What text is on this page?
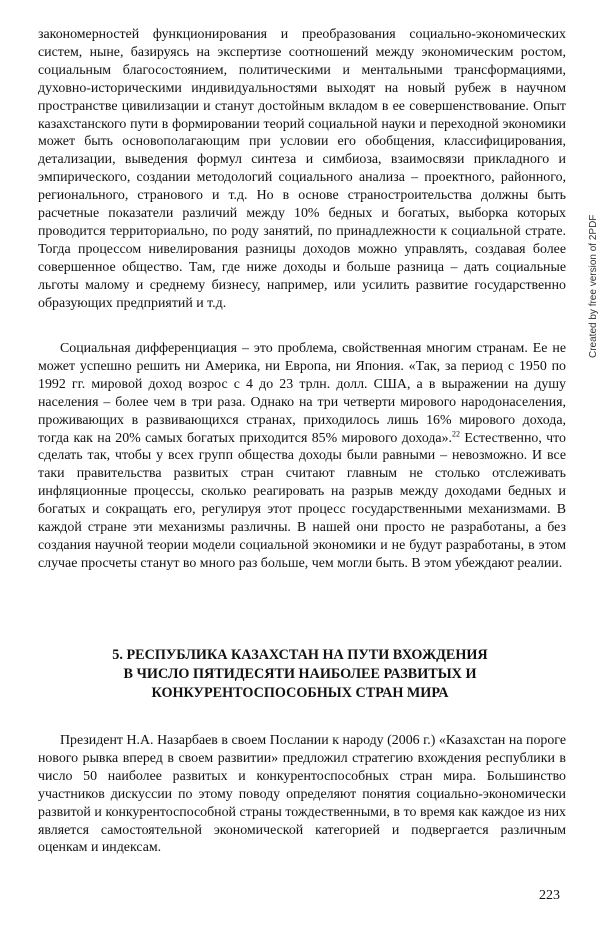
закономерностей функционирования и преобразования социально-экономических систем, ныне, базируясь на экспертизе соотношений между экономическим ростом, социальным благосостоянием, политическими и ментальными трансформациями, духовно-историческими индивидуальностями выходят на новый рубеж в научном пространстве цивилизации и станут достойным вкладом в ее совершенствование. Опыт казахстанского пути в формировании теорий социальной науки и переходной экономики может быть основополагающим при условии его обобщения, классифицирования, детализации, выведения формул синтеза и симбиоза, взаимосвязи прикладного и эмпирического, создании методологий социального анализа – проектного, районного, регионального, странового и т.д. Но в основе страностроительства должны быть расчетные показатели различий между 10% бедных и богатых, выборка которых проводится территориально, по роду занятий, по принадлежности к социальной страте. Тогда процессом нивелирования разницы доходов можно управлять, создавая более совершенное общество. Там, где ниже доходы и больше разница – дать социальные льготы малому и среднему бизнесу, например, или усилить развитие государственно образующих предприятий и т.д.

Социальная дифференциация – это проблема, свойственная многим странам. Ее не может успешно решить ни Америка, ни Европа, ни Япония. «Так, за период с 1950 по 1992 гг. мировой доход возрос с 4 до 23 трлн. долл. США, а в выражении на душу населения – более чем в три раза. Однако на три четверти мирового народонаселения, проживающих в развивающихся странах, приходилось лишь 16% мирового дохода, тогда как на 20% самых богатых приходится 85% мирового дохода».$^{22}$ Естественно, что сделать так, чтобы у всех групп общества доходы были равными – невозможно. И все таки правительства развитых стран считают главным не столько отслеживать инфляционные процессы, сколько реагировать на разрыв между доходами бедных и богатых и сокращать его, регулируя этот процесс государственными механизмами. В каждой стране эти механизмы различны. В нашей они просто не разработаны, а без создания научной теории модели социальной экономики и не будут разработаны, в этом случае просчеты станут во много раз больше, чем могли быть. В этом убеждают реалии.

5. РЕСПУБЛИКА КАЗАХСТАН НА ПУТИ ВХОЖДЕНИЯ
В ЧИСЛО ПЯТИДЕСЯТИ НАИБОЛЕЕ РАЗВИТЫХ И
КОНКУРЕНТОСПОСОБНЫХ СТРАН МИРА

Президент Н.А. Назарбаев в своем Послании к народу (2006 г.) «Казахстан на пороге нового рывка вперед в своем развитии» предложил стратегию вхождения республики в число 50 наиболее развитых и конкурентоспособных стран мира. Большинство участников дискуссии по этому поводу определяют понятия социально-экономически развитой и конкурентоспособной страны тождественными, в то время как каждое из них является самостоятельной экономической категорией и подвергается различным оценкам и индексам.

223
Created by free version of 2PDF
